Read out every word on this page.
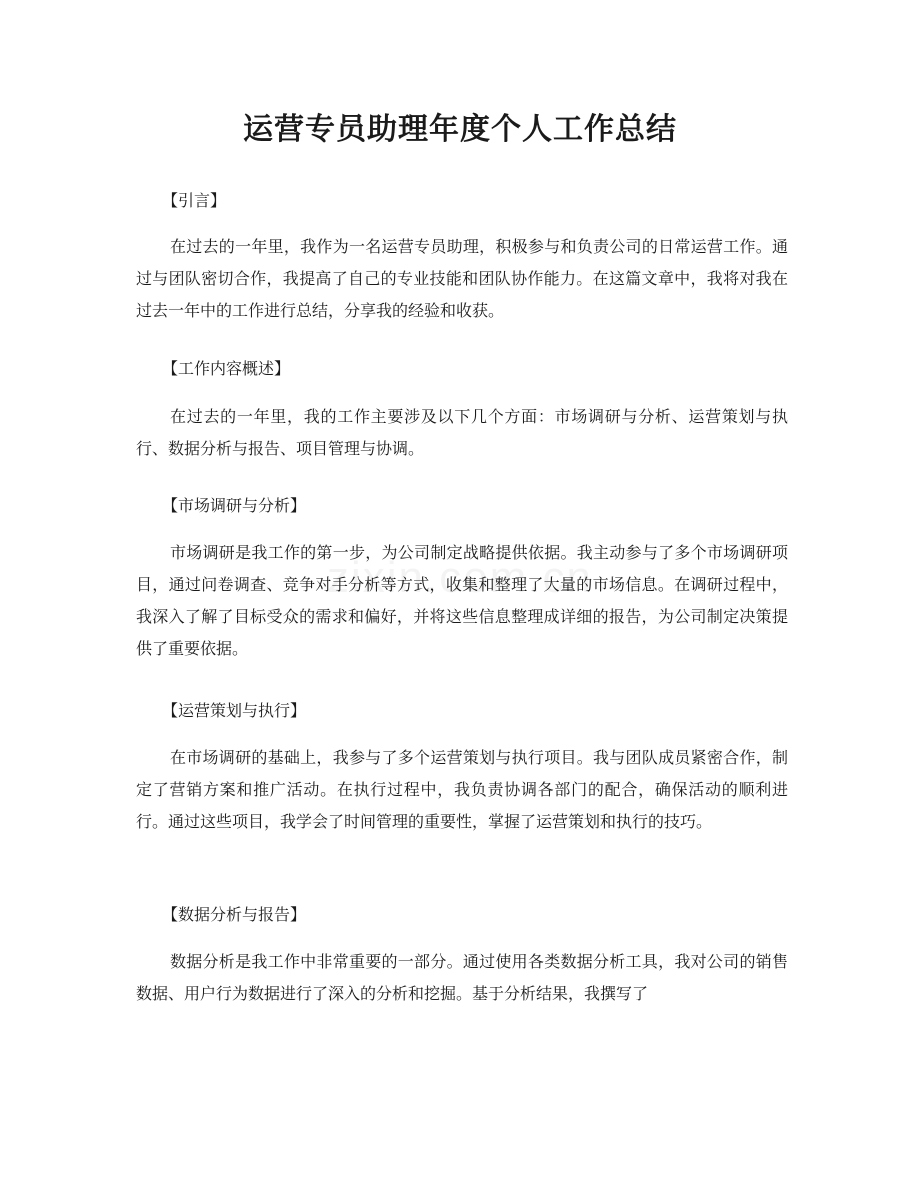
运营专员助理年度个人工作总结

【引言】

在过去的一年里，我作为一名运营专员助理，积极参与和负责公司的日常运营工作。通过与团队密切合作，我提高了自己的专业技能和团队协作能力。在这篇文章中，我将对我在过去一年中的工作进行总结，分享我的经验和收获。

【工作内容概述】

在过去的一年里，我的工作主要涉及以下几个方面：市场调研与分析、运营策划与执行、数据分析与报告、项目管理与协调。

【市场调研与分析】

市场调研是我工作的第一步，为公司制定战略提供依据。我主动参与了多个市场调研项目，通过问卷调查、竞争对手分析等方式，收集和整理了大量的市场信息。在调研过程中，我深入了解了目标受众的需求和偏好，并将这些信息整理成详细的报告，为公司制定决策提供了重要依据。

【运营策划与执行】

在市场调研的基础上，我参与了多个运营策划与执行项目。我与团队成员紧密合作，制定了营销方案和推广活动。在执行过程中，我负责协调各部门的配合，确保活动的顺利进行。通过这些项目，我学会了时间管理的重要性，掌握了运营策划和执行的技巧。

【数据分析与报告】

数据分析是我工作中非常重要的一部分。通过使用各类数据分析工具，我对公司的销售数据、用户行为数据进行了深入的分析和挖掘。基于分析结果，我撰写了
